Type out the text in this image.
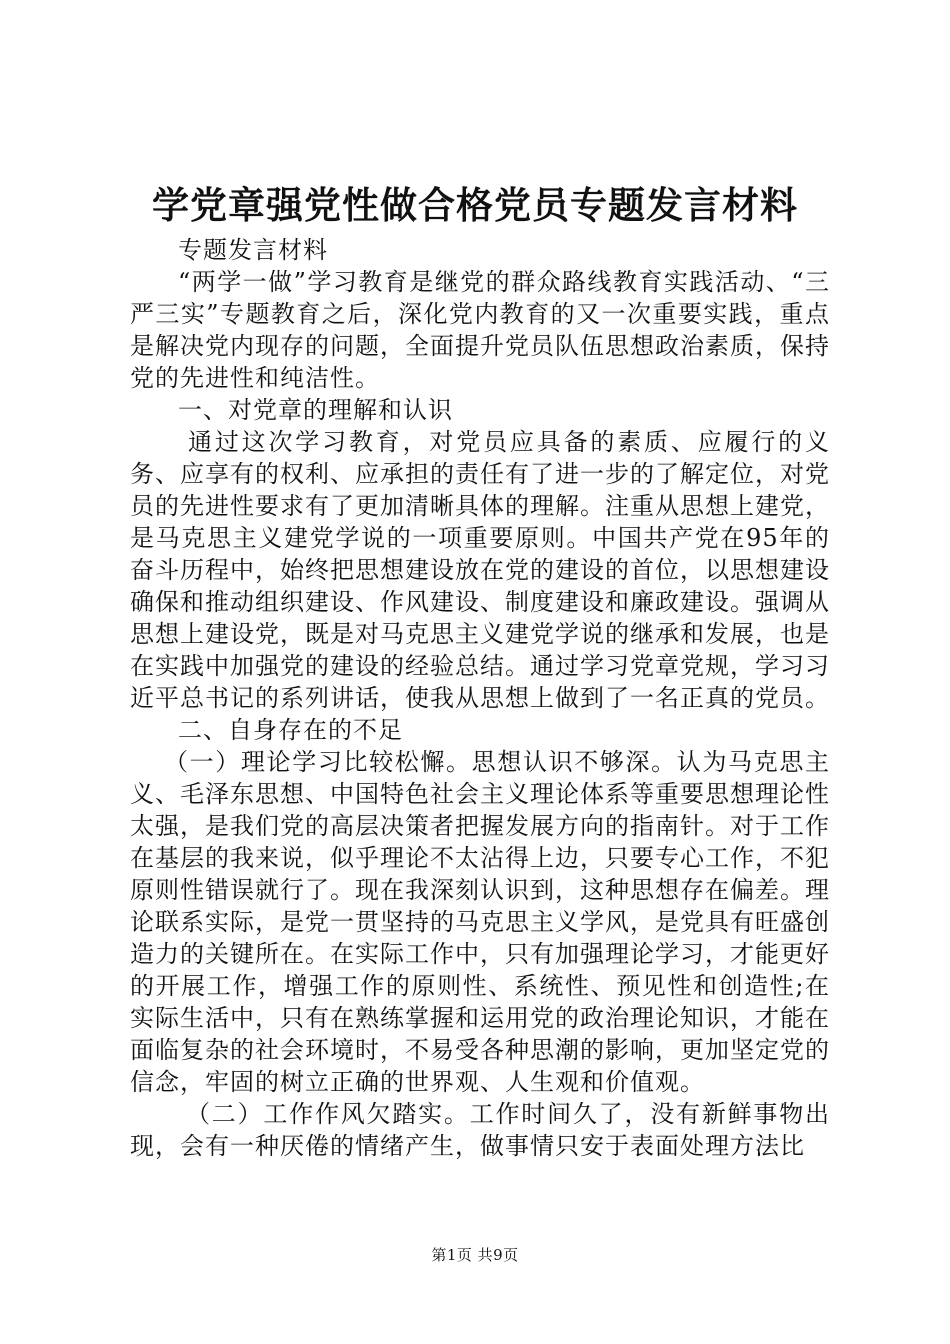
学党章强党性做合格党员专题发言材料

专题发言材料

“两学一做”学习教育是继党的群众路线教育实践活动、“三严三实”专题教育之后，深化党内教育的又一次重要实践，重点是解决党内现存的问题，全面提升党员队伍思想政治素质，保持党的先进性和纯洁性。

一、对党章的理解和认识

通过这次学习教育，对党员应具备的素质、应履行的义务、应享有的权利、应承担的责任有了进一步的了解定位，对党员的先进性要求有了更加清晰具体的理解。注重从思想上建党，是马克思主义建党学说的一项重要原则。中国共产党在95年的奋斗历程中，始终把思想建设放在党的建设的首位，以思想建设确保和推动组织建设、作风建设、制度建设和廉政建设。强调从思想上建设党，既是对马克思主义建党学说的继承和发展，也是在实践中加强党的建设的经验总结。通过学习党章党规，学习习近平总书记的系列讲话，使我从思想上做到了一名正真的党员。

二、自身存在的不足

（一）理论学习比较松懈。思想认识不够深。认为马克思主义、毛泽东思想、中国特色社会主义理论体系等重要思想理论性太强，是我们党的高层决策者把握发展方向的指南针。对于工作在基层的我来说，似乎理论不太沾得上边，只要专心工作，不犯原则性错误就行了。现在我深刻认识到，这种思想存在偏差。理论联系实际，是党一贯坚持的马克思主义学风，是党具有旺盛创造力的关键所在。在实际工作中，只有加强理论学习，才能更好的开展工作，增强工作的原则性、系统性、预见性和创造性;在实际生活中，只有在熟练掌握和运用党的政治理论知识，才能在面临复杂的社会环境时，不易受各种思潮的影响，更加坚定党的信念，牢固的树立正确的世界观、人生观和价值观。

（二）工作作风欠踏实。工作时间久了，没有新鲜事物出现，会有一种厌倦的情绪产生，做事情只安于表面处理方法比

第1页 共9页
